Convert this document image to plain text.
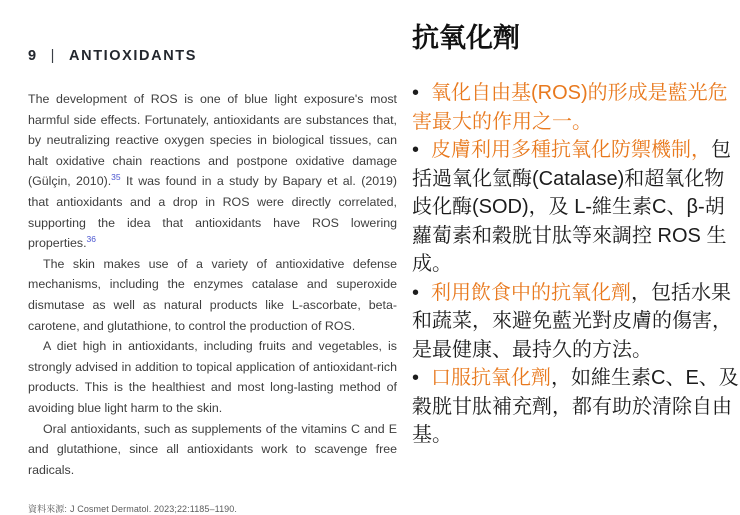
9 | ANTIOXIDANTS

The development of ROS is one of blue light exposure's most harmful side effects. Fortunately, antioxidants are substances that, by neutralizing reactive oxygen species in biological tissues, can halt oxidative chain reactions and postpone oxidative damage (Gülçin, 2010).$^{35}$ It was found in a study by Bapary et al. (2019) that antioxidants and a drop in ROS were directly correlated, supporting the idea that antioxidants have ROS lowering properties.$^{36}$

The skin makes use of a variety of antioxidative defense mechanisms, including the enzymes catalase and superoxide dismutase as well as natural products like L-ascorbate, beta-carotene, and glutathione, to control the production of ROS.

A diet high in antioxidants, including fruits and vegetables, is strongly advised in addition to topical application of antioxidant-rich products. This is the healthiest and most long-lasting method of avoiding blue light harm to the skin.

Oral antioxidants, such as supplements of the vitamins C and E and glutathione, since all antioxidants work to scavenge free radicals.

資料來源: J Cosmet Dermatol. 2023;22:1185–1190.
抗氧化劑

• 氧化自由基(ROS)的形成是藍光危害最大的作用之一。

• 皮膚利用多種抗氧化防禦機制，包括過氧化氫酶(Catalase)和超氧化物歧化酶(SOD)，及 L-維生素C、β-胡蘿蔔素和穀胱甘肽等來調控 ROS 生成。

• 利用飲食中的抗氧化劑，包括水果和蔬菜，來避免藍光對皮膚的傷害，是最健康、最持久的方法。

• 口服抗氧化劑，如維生素C、E、及穀胱甘肽補充劑，都有助於清除自由基。
